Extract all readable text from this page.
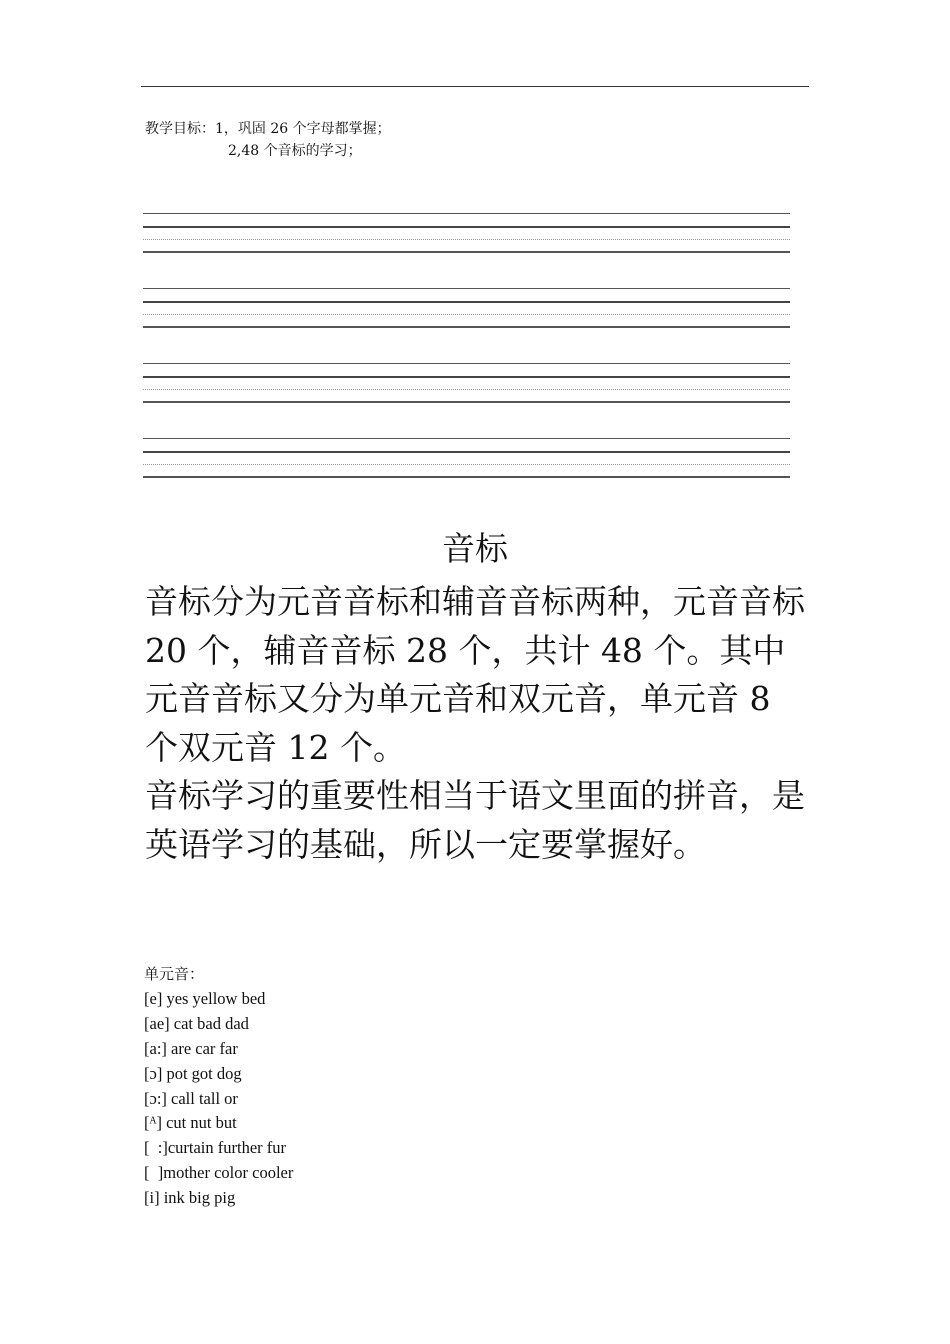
教学目标：1，巩固 26 个字母都掌握；
2,48 个音标的学习；
音标

音标分为元音音标和辅音音标两种，元音音标 20 个，辅音音标 28 个，共计 48 个。其中元音音标又分为单元音和双元音，单元音 8 个双元音 12 个。

音标学习的重要性相当于语文里面的拼音，是英语学习的基础，所以一定要掌握好。

单元音：
[e] yes yellow bed
[ae] cat bad dad
[a:] are car far
[ɔ] pot got dog
[ɔ:] call tall or
[ᴬ] cut nut but
[  :]curtain further fur
[  ]mother color cooler
[i] ink big pig
